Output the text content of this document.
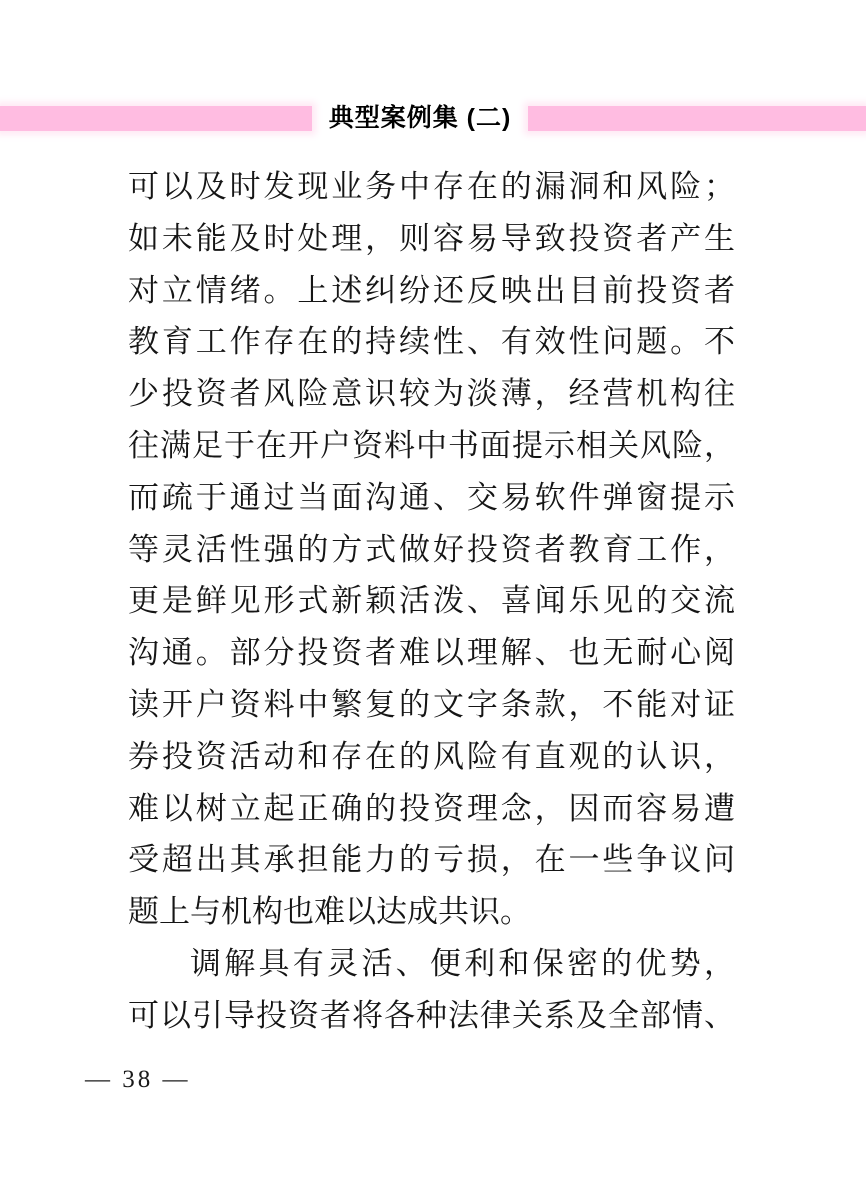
典型案例集 (二)
可以及时发现业务中存在的漏洞和风险；
如未能及时处理，则容易导致投资者产生
对立情绪。上述纠纷还反映出目前投资者
教育工作存在的持续性、有效性问题。不
少投资者风险意识较为淡薄，经营机构往
往满足于在开户资料中书面提示相关风险，
而疏于通过当面沟通、交易软件弹窗提示
等灵活性强的方式做好投资者教育工作，
更是鲜见形式新颖活泼、喜闻乐见的交流
沟通。部分投资者难以理解、也无耐心阅
读开户资料中繁复的文字条款，不能对证
券投资活动和存在的风险有直观的认识，
难以树立起正确的投资理念，因而容易遭
受超出其承担能力的亏损，在一些争议问
题上与机构也难以达成共识。
调解具有灵活、便利和保密的优势，
可以引导投资者将各种法律关系及全部情、
— 38 —
